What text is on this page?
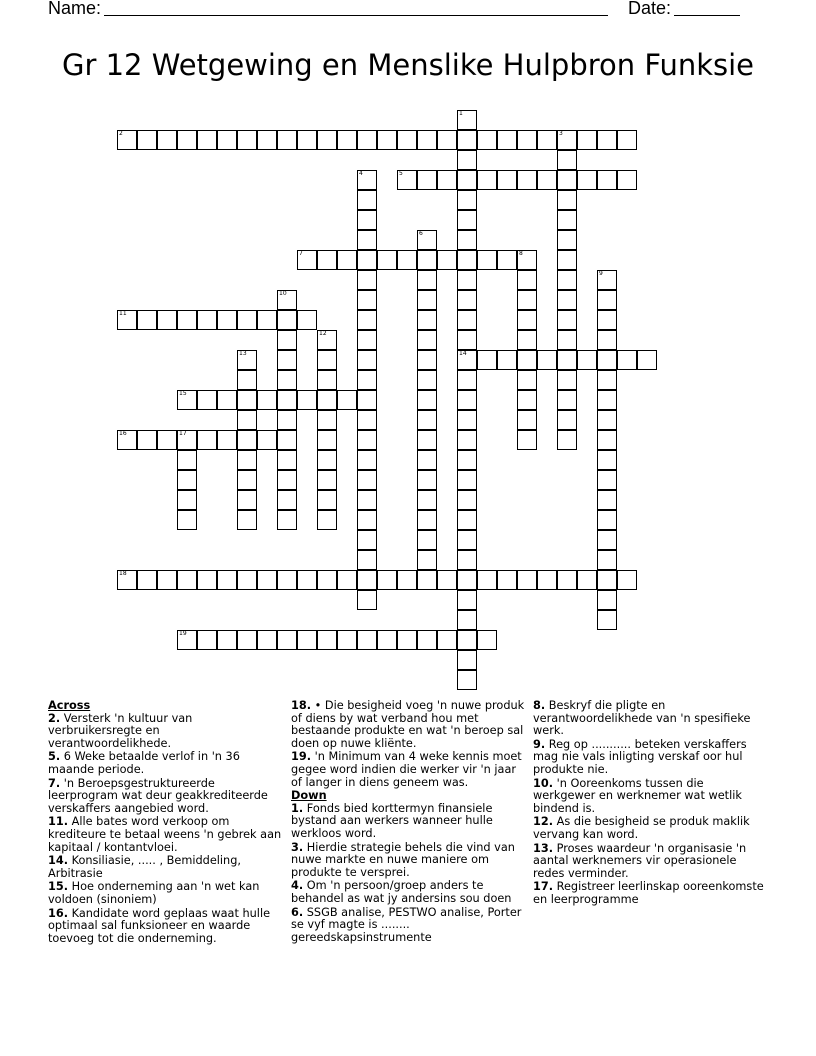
Name:	Date:
Gr 12 Wetgewing en Menslike Hulpbron Funksie
1
14
2	3
4	5
6
7	8
9
10
11
12
13
15
16	17
18
19
Across
2. Versterk 'n kultuur van verbruikersregte en verantwoordelikhede.
5. 6 Weke betaalde verlof in 'n 36 maande periode.
7. 'n Beroepsgestruktureerde leerprogram wat deur geakkrediteerde verskaffers aangebied word.
11. Alle bates word verkoop om krediteure te betaal weens 'n gebrek aan kapitaal / kontantvloei.
14. Konsiliasie, ..... , Bemiddeling, Arbitrasie
15. Hoe onderneming aan 'n wet kan voldoen (sinoniem)
16. Kandidate word geplaas waat hulle optimaal sal funksioneer en waarde toevoeg tot die onderneming.
18. • Die besigheid voeg 'n nuwe produk of diens by wat verband hou met bestaande produkte en wat 'n beroep sal doen op nuwe kliënte.
19. 'n Minimum van 4 weke kennis moet gegee word indien die werker vir 'n jaar of langer in diens geneem was.
Down
1. Fonds bied korttermyn finansiele bystand aan werkers wanneer hulle werkloos word.
3. Hierdie strategie behels die vind van nuwe markte en nuwe maniere om produkte te versprei.
4. Om 'n persoon/groep anders te behandel as wat jy andersins sou doen
6. SSGB analise, PESTWO analise, Porter se vyf magte is ........ gereedskapsinstrumente
8. Beskryf die pligte en verantwoordelikhede van 'n spesifieke werk.
9. Reg op ........... beteken verskaffers mag nie vals inligting verskaf oor hul produkte nie.
10. 'n Ooreenkoms tussen die werkgewer en werknemer wat wetlik bindend is.
12. As die besigheid se produk maklik vervang kan word.
13. Proses waardeur 'n organisasie 'n aantal werknemers vir operasionele redes verminder.
17. Registreer leerlinskap ooreenkomste en leerprogramme
